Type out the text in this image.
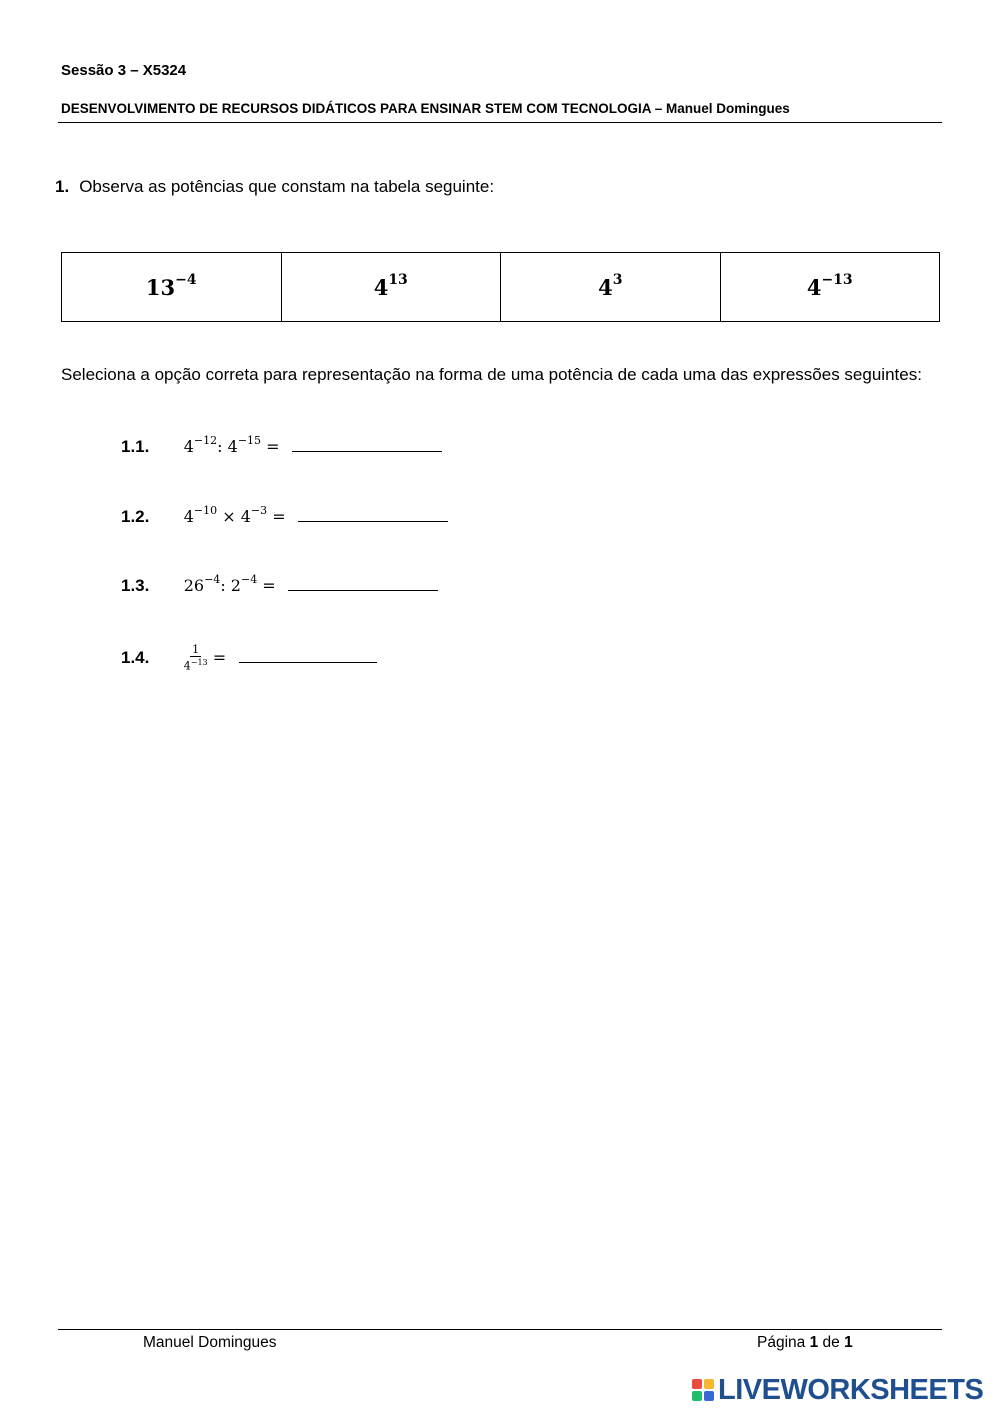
Sessão 3 – X5324
DESENVOLVIMENTO DE RECURSOS DIDÁTICOS PARA ENSINAR STEM COM TECNOLOGIA – Manuel Domingues
1. Observa as potências que constam na tabela seguinte:
$13^{-4}$	$4^{13}$	$4^3$	$4^{-13}$
Seleciona a opção correta para representação na forma de uma potência de cada uma das expressões seguintes:
1.1. $4^{-12}$: $4^{-15}$ =
1.2. $4^{-10} \times 4^{-3}$ =
1.3. $26^{-4}$: $2^{-4}$ =
1.4.	$\frac{1}{4^{-13}}$ =
Manuel Domingues	Página 1 de 1
LIVEWORKSHEETS
